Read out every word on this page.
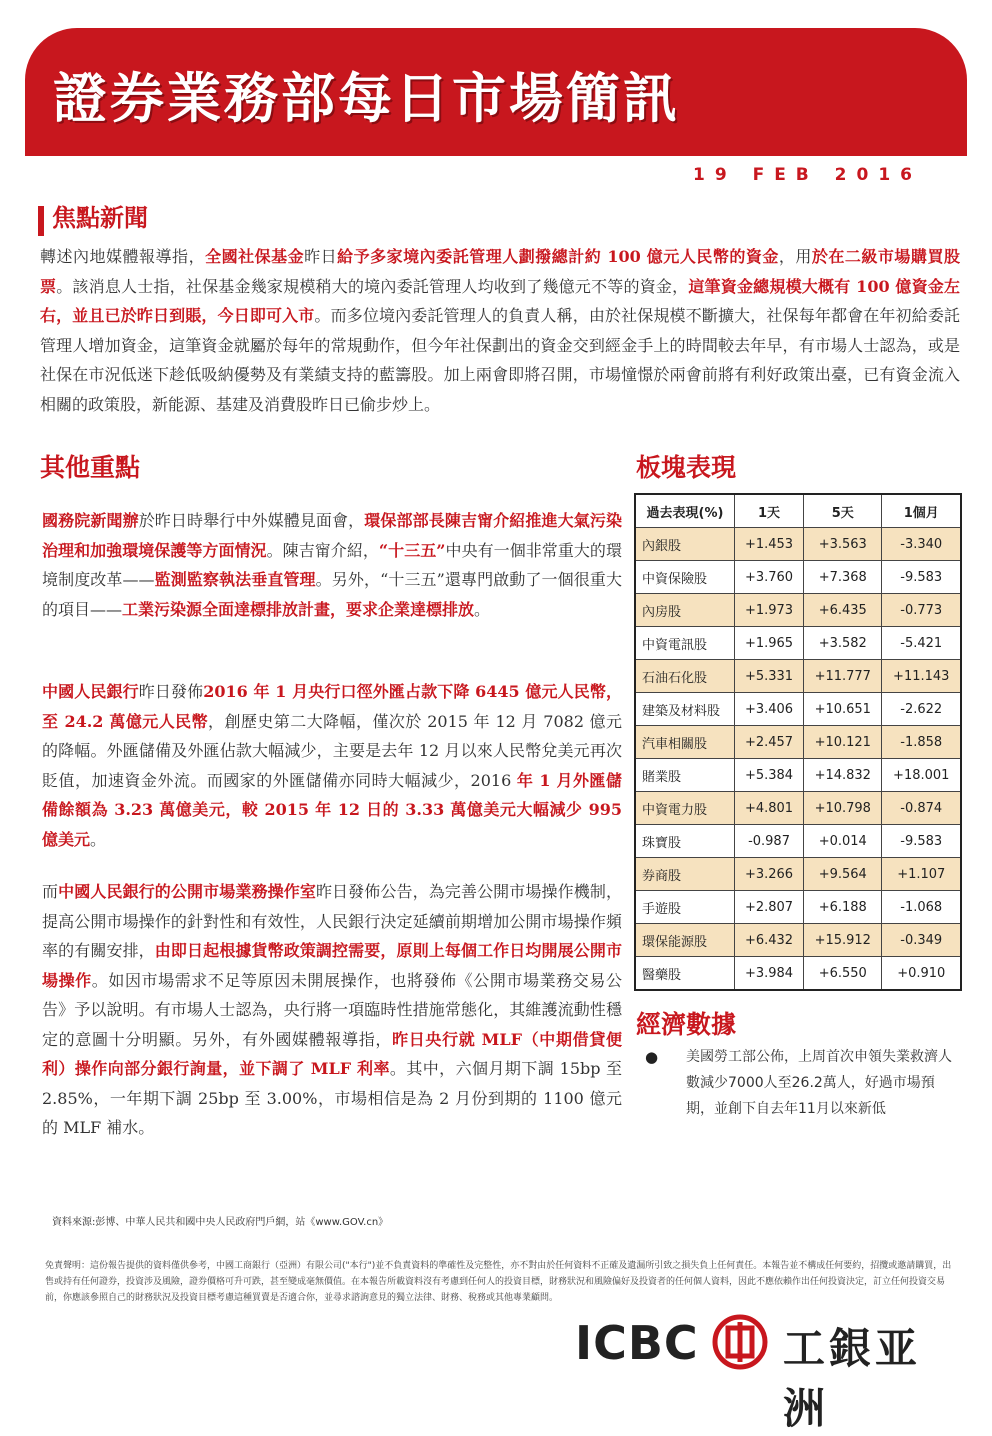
證券業務部每日市場簡訊
19 FEB 2016
焦點新聞
轉述內地媒體報導指，全國社保基金昨日給予多家境內委託管理人劃撥總計約 100 億元人民幣的資金，用於在二級市場購買股票。該消息人士指，社保基金幾家規模稍大的境內委託管理人均收到了幾億元不等的資金，這筆資金總規模大概有 100 億資金左右，並且已於昨日到賬，今日即可入市。而多位境內委託管理人的負責人稱，由於社保規模不斷擴大，社保每年都會在年初給委託管理人增加資金，這筆資金就屬於每年的常規動作，但今年社保劃出的資金交到經金手上的時間較去年早，有市場人士認為，或是社保在市況低迷下趁低吸納優勢及有業績支持的藍籌股。加上兩會即將召開，市場憧憬於兩會前將有利好政策出臺，已有資金流入相關的政策股，新能源、基建及消費股昨日已偷步炒上。
其他重點
國務院新聞辦於昨日時舉行中外媒體見面會，環保部部長陳吉甯介紹推進大氣污染治理和加強環境保護等方面情況。陳吉甯介紹，“十三五”中央有一個非常重大的環境制度改革——監測監察執法垂直管理。另外，“十三五”還專門啟動了一個很重大的項目——工業污染源全面達標排放計畫，要求企業達標排放。
中國人民銀行昨日發佈2016 年 1 月央行口徑外匯占款下降 6445 億元人民幣，至 24.2 萬億元人民幣，創歷史第二大降幅，僅次於 2015 年 12 月 7082 億元的降幅。外匯儲備及外匯佔款大幅減少，主要是去年 12 月以來人民幣兌美元再次貶值，加速資金外流。而國家的外匯儲備亦同時大幅減少，2016 年 1 月外匯儲備餘額為 3.23 萬億美元，較 2015 年 12 日的 3.33 萬億美元大幅減少 995 億美元。
而中國人民銀行的公開市場業務操作室昨日發佈公告，為完善公開市場操作機制，提高公開市場操作的針對性和有效性，人民銀行決定延續前期增加公開市場操作頻率的有關安排，由即日起根據貨幣政策調控需要，原則上每個工作日均開展公開市場操作。如因市場需求不足等原因未開展操作，也將發佈《公開市場業務交易公告》予以說明。有市場人士認為，央行將一項臨時性措施常態化，其維護流動性穩定的意圖十分明顯。另外，有外國媒體報導指，昨日央行就 MLF（中期借貸便利）操作向部分銀行詢量，並下調了 MLF 利率。其中，六個月期下調 15bp 至 2.85%，一年期下調 25bp 至 3.00%，市場相信是為 2 月份到期的 1100 億元的 MLF 補水。
板塊表現
過去表現(%)	1天	5天	1個月
內銀股	+1.453	+3.563	-3.340
中資保險股	+3.760	+7.368	-9.583
內房股	+1.973	+6.435	-0.773
中資電訊股	+1.965	+3.582	-5.421
石油石化股	+5.331	+11.777	+11.143
建築及材料股	+3.406	+10.651	-2.622
汽車相關股	+2.457	+10.121	-1.858
賭業股	+5.384	+14.832	+18.001
中資電力股	+4.801	+10.798	-0.874
珠寶股	-0.987	+0.014	-9.583
券商股	+3.266	+9.564	+1.107
手遊股	+2.807	+6.188	-1.068
環保能源股	+6.432	+15.912	-0.349
醫藥股	+3.984	+6.550	+0.910
經濟數據
● 美國勞工部公佈，上周首次申領失業救濟人數減少7000人至26.2萬人，好過市場預期，並創下自去年11月以來新低
資料來源:彭博、中華人民共和國中央人民政府門戶網，站《www.GOV.cn》
免責聲明：這份報告提供的資料僅供參考，中國工商銀行（亞洲）有限公司("本行")並不負責資料的準確性及完整性，亦不對由於任何資料不正確及遺漏所引致之損失負上任何責任。本報告並不構成任何要約，招攬或邀請購買，出售或持有任何證券，投資涉及風險，證券價格可升可跌，甚至變成毫無價值。在本報告所載資料沒有考慮到任何人的投資目標，財務狀況和風險偏好及投資者的任何個人資料，因此不應依賴作出任何投資決定，訂立任何投資交易前，你應該參照自己的財務狀況及投資目標考慮這種買賣是否適合你，並尋求諮詢意見的獨立法律、財務、稅務或其他專業顧問。
ICBC 工銀亚洲
